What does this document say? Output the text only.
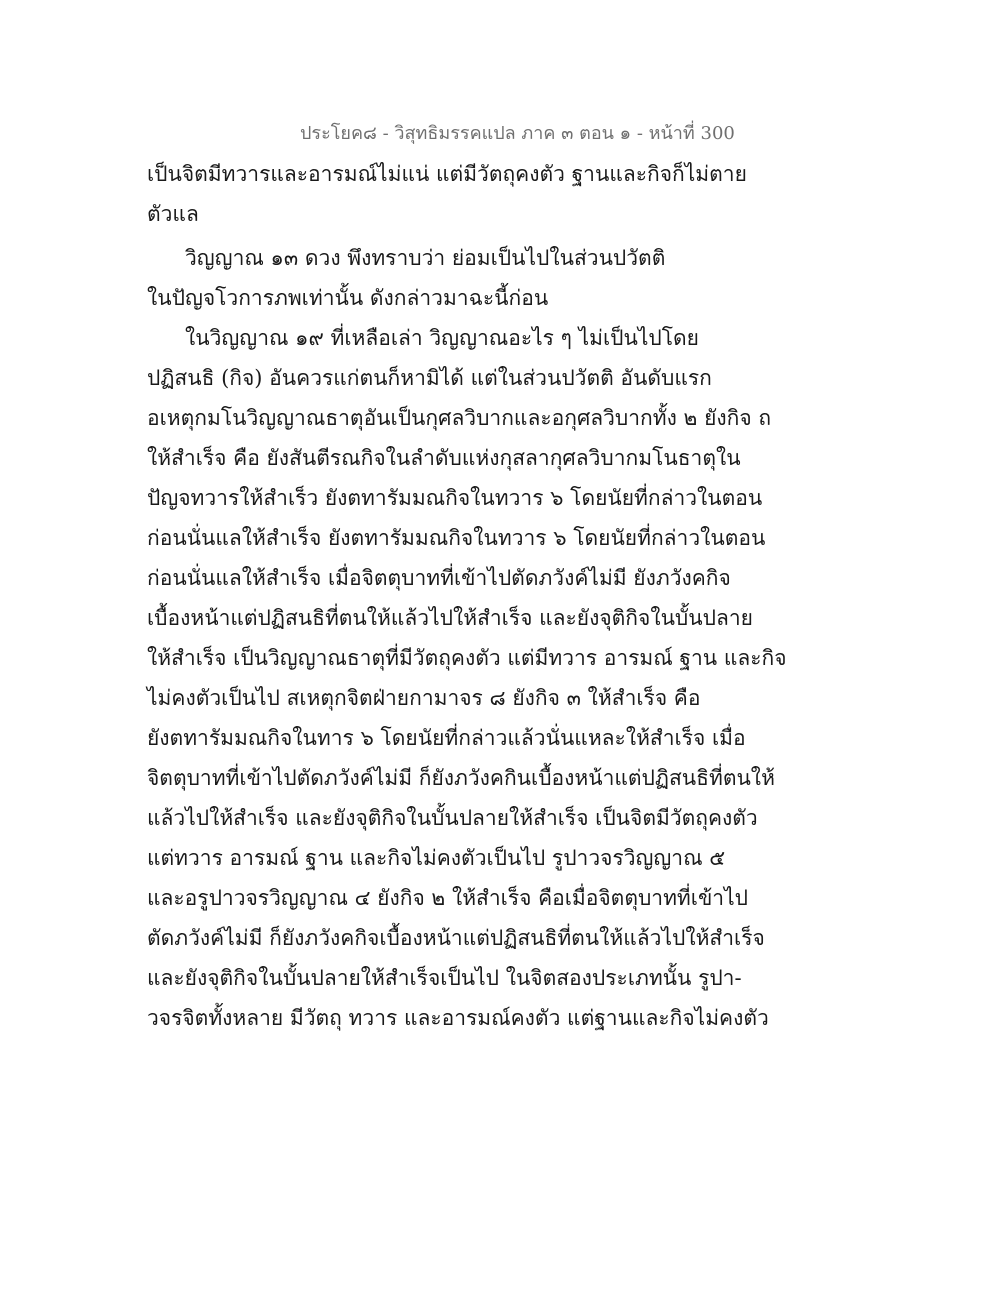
ประโยค๘ - วิสุทธิมรรคแปล ภาค ๓ ตอน ๑ - หน้าที่ 300
เป็นจิตมีทวารและอารมณ์ไม่แน่ แต่มีวัตถุคงตัว ฐานและกิจก็ไม่ตาย
ตัวแล
วิญญาณ ๑๓ ดวง พึงทราบว่า ย่อมเป็นไปในส่วนปวัตติ
ในปัญจโวการภพเท่านั้น ดังกล่าวมาฉะนี้ก่อน
ในวิญญาณ ๑๙ ที่เหลือเล่า วิญญาณอะไร ๆ ไม่เป็นไปโดย
ปฏิสนธิ (กิจ) อันควรแก่ตนก็หามิได้ แต่ในส่วนปวัตติ อันดับแรก
อเหตุกมโนวิญญาณธาตุอันเป็นกุศลวิบากและอกุศลวิบากทั้ง ๒ ยังกิจ ถ
ให้สำเร็จ คือ ยังสันตีรณกิจในลำดับแห่งกุสลากุศลวิบากมโนธาตุใน
ปัญจทวารให้สำเร็ว ยังตทารัมมณกิจในทวาร ๖ โดยนัยที่กล่าวในตอน
ก่อนนั่นแลให้สำเร็จ ยังตทารัมมณกิจในทวาร ๖ โดยนัยที่กล่าวในตอน
ก่อนนั่นแลให้สำเร็จ เมื่อจิตตุบาทที่เข้าไปตัดภวังค์ไม่มี ยังภวังคกิจ
เบื้องหน้าแต่ปฏิสนธิที่ตนให้แล้วไปให้สำเร็จ และยังจุติกิจในบั้นปลาย
ให้สำเร็จ เป็นวิญญาณธาตุที่มีวัตถุคงตัว แต่มีทวาร อารมณ์ ฐาน และกิจ
ไม่คงตัวเป็นไป สเหตุกจิตฝ่ายกามาจร ๘ ยังกิจ ๓ ให้สำเร็จ คือ
ยังตทารัมมณกิจในทาร ๖ โดยนัยที่กล่าวแล้วนั่นแหละให้สำเร็จ เมื่อ
จิตตุบาทที่เข้าไปตัดภวังค์ไม่มี ก็ยังภวังคกินเบื้องหน้าแต่ปฏิสนธิที่ตนให้
แล้วไปให้สำเร็จ และยังจุติกิจในบั้นปลายให้สำเร็จ เป็นจิตมีวัตถุคงตัว
แต่ทวาร อารมณ์ ฐาน และกิจไม่คงตัวเป็นไป รูปาวจรวิญญาณ ๕
และอรูปาวจรวิญญาณ ๔ ยังกิจ ๒ ให้สำเร็จ คือเมื่อจิตตุบาทที่เข้าไป
ตัดภวังค์ไม่มี ก็ยังภวังคกิจเบื้องหน้าแต่ปฏิสนธิที่ตนให้แล้วไปให้สำเร็จ
และยังจุติกิจในบั้นปลายให้สำเร็จเป็นไป ในจิตสองประเภทนั้น รูปา-
วจรจิตทั้งหลาย มีวัตถุ ทวาร และอารมณ์คงตัว แต่ฐานและกิจไม่คงตัว
